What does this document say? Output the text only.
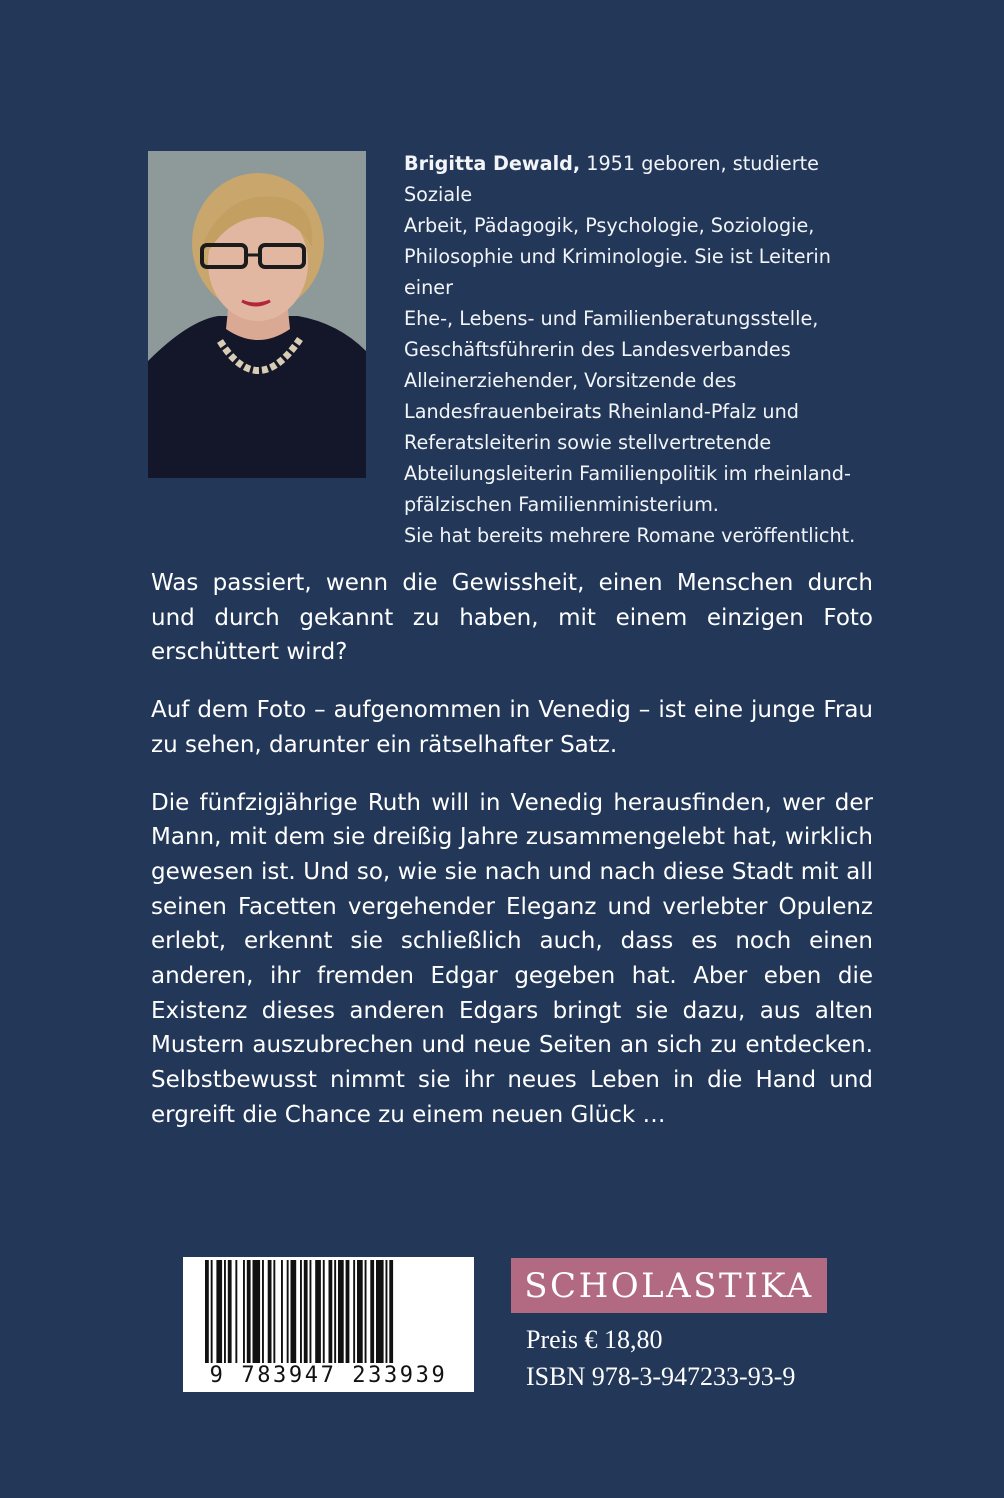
Brigitta Dewald, 1951 geboren, studierte Soziale

Arbeit, Pädagogik, Psychologie, Soziologie,

Philosophie und Kriminologie. Sie ist Leiterin einer

Ehe-, Lebens- und Familienberatungsstelle,

Geschäftsführerin des Landesverbandes

Alleinerziehender, Vorsitzende des

Landesfrauenbeirats Rheinland-Pfalz und

Referatsleiterin sowie stellvertretende

Abteilungsleiterin Familienpolitik im rheinland-

pfälzischen Familienministerium.

Sie hat bereits mehrere Romane veröffentlicht.

Was passiert, wenn die Gewissheit, einen Menschen durch und durch gekannt zu haben, mit einem einzigen Foto erschüttert wird?

Auf dem Foto – aufgenommen in Venedig – ist eine junge Frau zu sehen, darunter ein rätselhafter Satz.

Die fünfzigjährige Ruth will in Venedig herausfinden, wer der Mann, mit dem sie dreißig Jahre zusammengelebt hat, wirklich gewesen ist. Und so, wie sie nach und nach diese Stadt mit all seinen Facetten vergehender Eleganz und verlebter Opulenz erlebt, erkennt sie schließlich auch, dass es noch einen anderen, ihr fremden Edgar gegeben hat. Aber eben die Existenz dieses anderen Edgars bringt sie dazu, aus alten Mustern auszubrechen und neue Seiten an sich zu entdecken. Selbstbewusst nimmt sie ihr neues Leben in die Hand und ergreift die Chance zu einem neuen Glück …

9 783947 233939
SCHOLASTIKA
Preis € 18,80
ISBN 978-3-947233-93-9
